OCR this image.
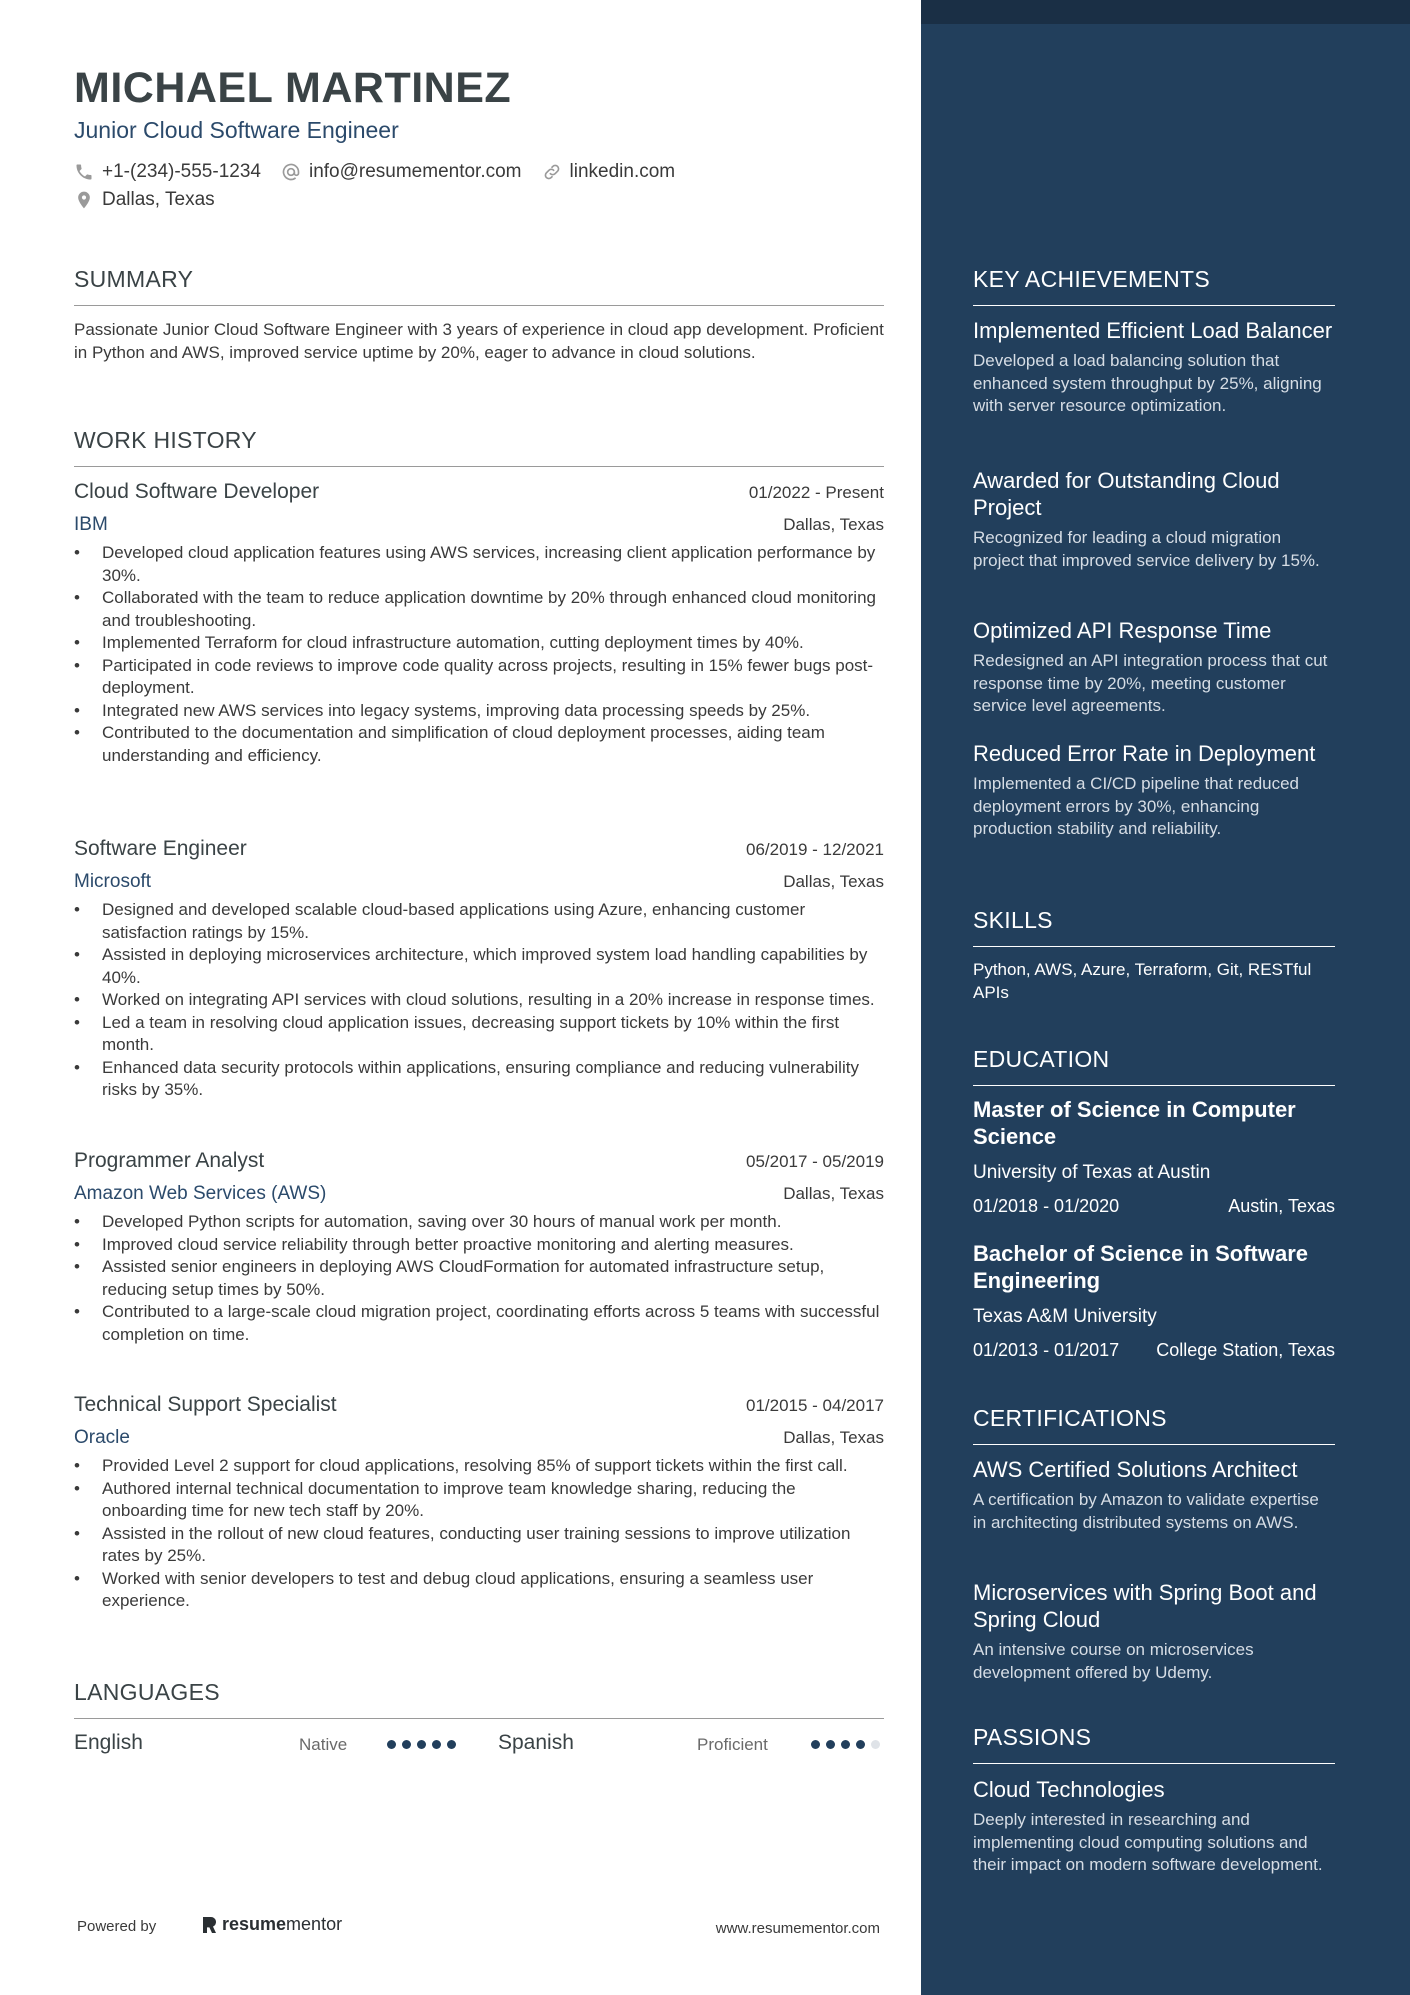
MICHAEL MARTINEZ
Junior Cloud Software Engineer
+1-(234)-555-1234	info@resumementor.com	linkedin.com
Dallas, Texas
SUMMARY
Passionate Junior Cloud Software Engineer with 3 years of experience in cloud app development. Proficient in Python and AWS, improved service uptime by 20%, eager to advance in cloud solutions.
WORK HISTORY
Cloud Software Developer	01/2022 - Present
IBM	Dallas, Texas
• Developed cloud application features using AWS services, increasing client application performance by 30%.
• Collaborated with the team to reduce application downtime by 20% through enhanced cloud monitoring and troubleshooting.
• Implemented Terraform for cloud infrastructure automation, cutting deployment times by 40%.
• Participated in code reviews to improve code quality across projects, resulting in 15% fewer bugs post-deployment.
• Integrated new AWS services into legacy systems, improving data processing speeds by 25%.
• Contributed to the documentation and simplification of cloud deployment processes, aiding team understanding and efficiency.
Software Engineer	06/2019 - 12/2021
Microsoft	Dallas, Texas
• Designed and developed scalable cloud-based applications using Azure, enhancing customer satisfaction ratings by 15%.
• Assisted in deploying microservices architecture, which improved system load handling capabilities by 40%.
• Worked on integrating API services with cloud solutions, resulting in a 20% increase in response times.
• Led a team in resolving cloud application issues, decreasing support tickets by 10% within the first month.
• Enhanced data security protocols within applications, ensuring compliance and reducing vulnerability risks by 35%.
Programmer Analyst	05/2017 - 05/2019
Amazon Web Services (AWS)	Dallas, Texas
• Developed Python scripts for automation, saving over 30 hours of manual work per month.
• Improved cloud service reliability through better proactive monitoring and alerting measures.
• Assisted senior engineers in deploying AWS CloudFormation for automated infrastructure setup, reducing setup times by 50%.
• Contributed to a large-scale cloud migration project, coordinating efforts across 5 teams with successful completion on time.
Technical Support Specialist	01/2015 - 04/2017
Oracle	Dallas, Texas
• Provided Level 2 support for cloud applications, resolving 85% of support tickets within the first call.
• Authored internal technical documentation to improve team knowledge sharing, reducing the onboarding time for new tech staff by 20%.
• Assisted in the rollout of new cloud features, conducting user training sessions to improve utilization rates by 25%.
• Worked with senior developers to test and debug cloud applications, ensuring a seamless user experience.
LANGUAGES
English	Native	Spanish	Proficient
Powered by	resume mentor	www.resumementor.com
KEY ACHIEVEMENTS
Implemented Efficient Load Balancer
Developed a load balancing solution that enhanced system throughput by 25%, aligning with server resource optimization.
Awarded for Outstanding Cloud Project
Recognized for leading a cloud migration project that improved service delivery by 15%.
Optimized API Response Time
Redesigned an API integration process that cut response time by 20%, meeting customer service level agreements.
Reduced Error Rate in Deployment
Implemented a CI/CD pipeline that reduced deployment errors by 30%, enhancing production stability and reliability.
SKILLS
Python, AWS, Azure, Terraform, Git, RESTful APIs
EDUCATION
Master of Science in Computer Science
University of Texas at Austin
01/2018 - 01/2020	Austin, Texas
Bachelor of Science in Software Engineering
Texas A&M University
01/2013 - 01/2017 College Station, Texas
CERTIFICATIONS
AWS Certified Solutions Architect
A certification by Amazon to validate expertise in architecting distributed systems on AWS.
Microservices with Spring Boot and Spring Cloud
An intensive course on microservices development offered by Udemy.
PASSIONS
Cloud Technologies
Deeply interested in researching and implementing cloud computing solutions and their impact on modern software development.
